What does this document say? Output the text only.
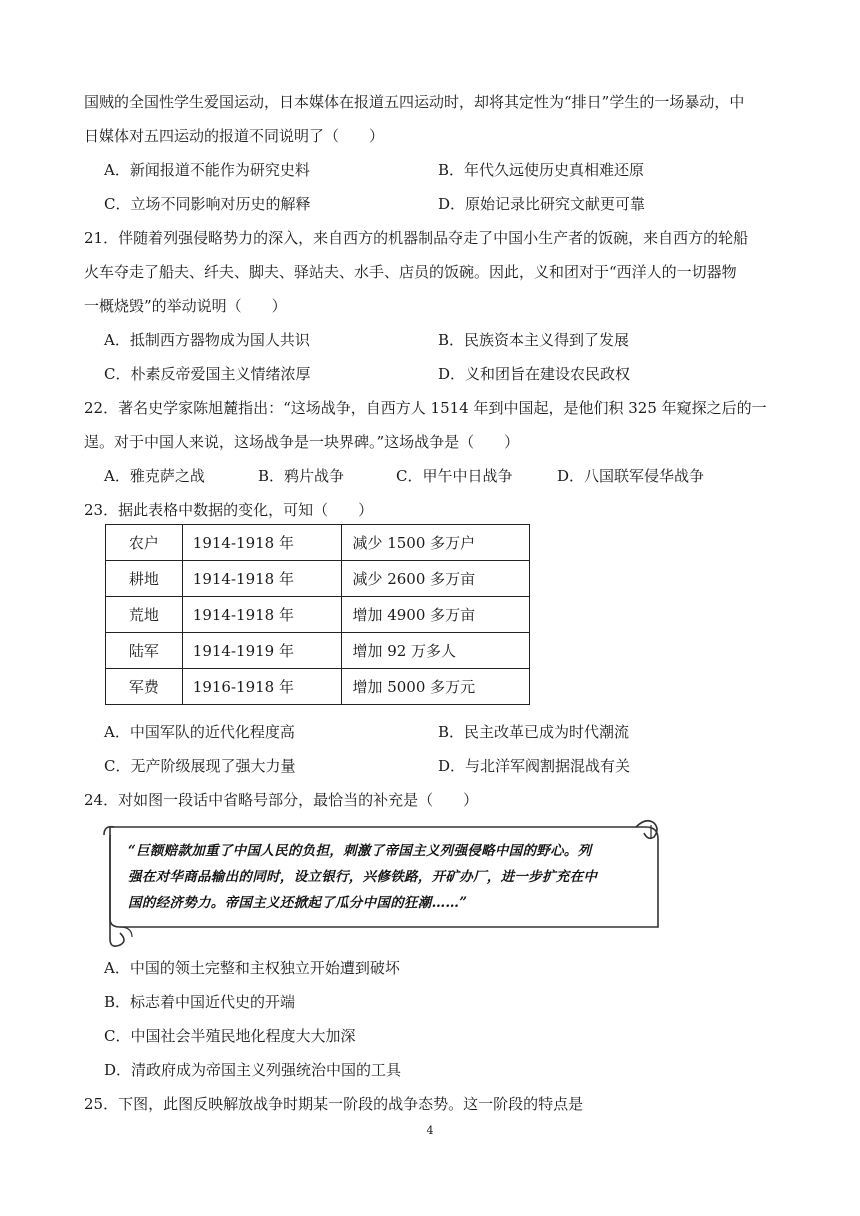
国贼的全国性学生爱国运动，日本媒体在报道五四运动时，却将其定性为“排日”学生的一场暴动，中
日媒体对五四运动的报道不同说明了（　　）
A．新闻报道不能作为研究史料	B．年代久远使历史真相难还原
C．立场不同影响对历史的解释	D．原始记录比研究文献更可靠
21．伴随着列强侵略势力的深入，来自西方的机器制品夺走了中国小生产者的饭碗，来自西方的轮船
火车夺走了船夫、纤夫、脚夫、驿站夫、水手、店员的饭碗。因此，义和团对于“西洋人的一切器物
一概烧毁”的举动说明（　　）
A．抵制西方器物成为国人共识	B．民族资本主义得到了发展
C．朴素反帝爱国主义情绪浓厚	D．义和团旨在建设农民政权
22．著名史学家陈旭麓指出：“这场战争，自西方人 1514 年到中国起，是他们积 325 年窥探之后的一
逞。对于中国人来说，这场战争是一块界碑。”这场战争是（　　）
A．雅克萨之战	B．鸦片战争	C．甲午中日战争	D．八国联军侵华战争
23．据此表格中数据的变化，可知（　　）
农户	1914-1918 年	减少 1500 多万户
耕地	1914-1918 年	减少 2600 多万亩
荒地	1914-1918 年	增加 4900 多万亩
陆军	1914-1919 年	增加 92 万多人
军费	1916-1918 年	增加 5000 多万元
A．中国军队的近代化程度高	B．民主改革已成为时代潮流
C．无产阶级展现了强大力量	D．与北洋军阀割据混战有关
24．对如图一段话中省略号部分，最恰当的补充是（　　）
“巨额赔款加重了中国人民的负担，刺激了帝国主义列强侵略中国的野心。列
强在对华商品输出的同时，设立银行，兴修铁路，开矿办厂，进一步扩充在中
国的经济势力。帝国主义还掀起了瓜分中国的狂潮……”
A．中国的领土完整和主权独立开始遭到破坏
B．标志着中国近代史的开端
C．中国社会半殖民地化程度大大加深
D．清政府成为帝国主义列强统治中国的工具
25．下图，此图反映解放战争时期某一阶段的战争态势。这一阶段的特点是
4
